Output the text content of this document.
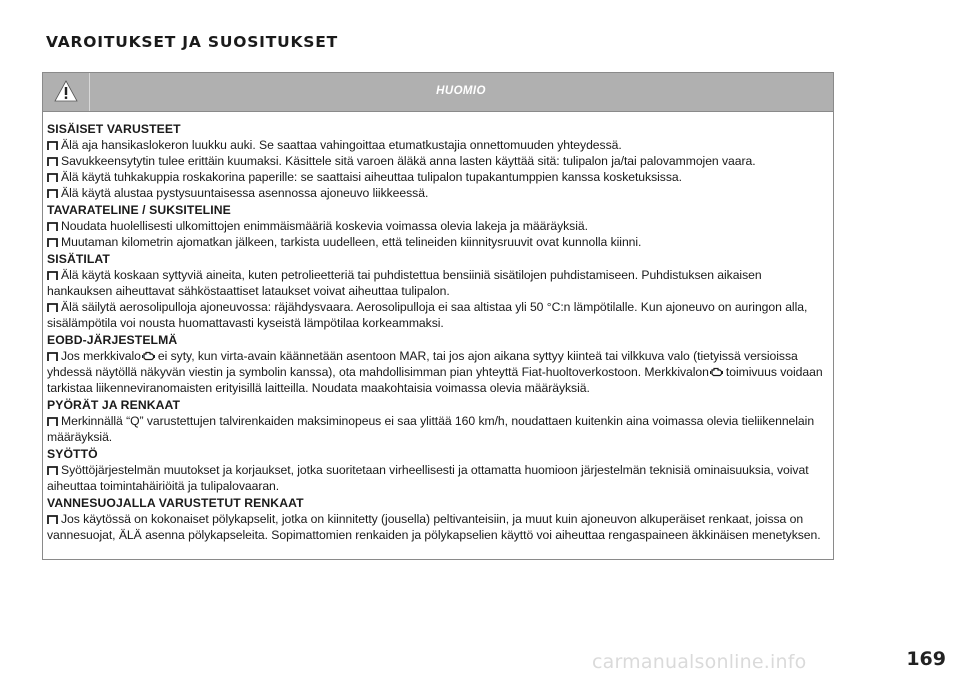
VAROITUKSET JA SUOSITUKSET
HUOMIO
SISÄISET VARUSTEET
Älä aja hansikaslokeron luukku auki. Se saattaa vahingoittaa etumatkustajia onnettomuuden yhteydessä.
Savukkeensytytin tulee erittäin kuumaksi. Käsittele sitä varoen äläkä anna lasten käyttää sitä: tulipalon ja/tai palovammojen vaara.
Älä käytä tuhkakuppia roskakorina paperille: se saattaisi aiheuttaa tulipalon tupakantumppien kanssa kosketuksissa.
Älä käytä alustaa pystysuuntaisessa asennossa ajoneuvo liikkeessä.
TAVARATELINE / SUKSITELINE
Noudata huolellisesti ulkomittojen enimmäismääriä koskevia voimassa olevia lakeja ja määräyksiä.
Muutaman kilometrin ajomatkan jälkeen, tarkista uudelleen, että telineiden kiinnitysruuvit ovat kunnolla kiinni.
SISÄTILAT
Älä käytä koskaan syttyviä aineita, kuten petrolieetteriä tai puhdistettua bensiiniä sisätilojen puhdistamiseen. Puhdistuksen aikaisen hankauksen aiheuttavat sähköstaattiset lataukset voivat aiheuttaa tulipalon.
Älä säilytä aerosolipulloja ajoneuvossa: räjähdysvaara. Aerosolipulloja ei saa altistaa yli 50 °C:n lämpötilalle. Kun ajoneuvo on auringon alla, sisälämpötila voi nousta huomattavasti kyseistä lämpötilaa korkeammaksi.
EOBD-JÄRJESTELMÄ
Jos merkkivalo ei syty, kun virta-avain käännetään asentoon MAR, tai jos ajon aikana syttyy kiinteä tai vilkkuva valo (tietyissä versioissa yhdessä näytöllä näkyvän viestin ja symbolin kanssa), ota mahdollisimman pian yhteyttä Fiat-huoltoverkostoon. Merkkivalon toimivuus voidaan tarkistaa liikenneviranomaisten erityisillä laitteilla. Noudata maakohtaisia voimassa olevia määräyksiä.
PYÖRÄT JA RENKAAT
Merkinnällä “Q” varustettujen talvirenkaiden maksiminopeus ei saa ylittää 160 km/h, noudattaen kuitenkin aina voimassa olevia tieliikennelain määräyksiä.
SYÖTTÖ
Syöttöjärjestelmän muutokset ja korjaukset, jotka suoritetaan virheellisesti ja ottamatta huomioon järjestelmän teknisiä ominaisuuksia, voivat aiheuttaa toimintahäiriöitä ja tulipalovaaran.
VANNESUOJALLA VARUSTETUT RENKAAT
Jos käytössä on kokonaiset pölykapselit, jotka on kiinnitetty (jousella) peltivanteisiin, ja muut kuin ajoneuvon alkuperäiset renkaat, joissa on vannesuojat, ÄLÄ asenna pölykapseleita. Sopimattomien renkaiden ja pölykapselien käyttö voi aiheuttaa rengaspaineen äkkinäisen menetyksen.
carmanualsonline.info	169
